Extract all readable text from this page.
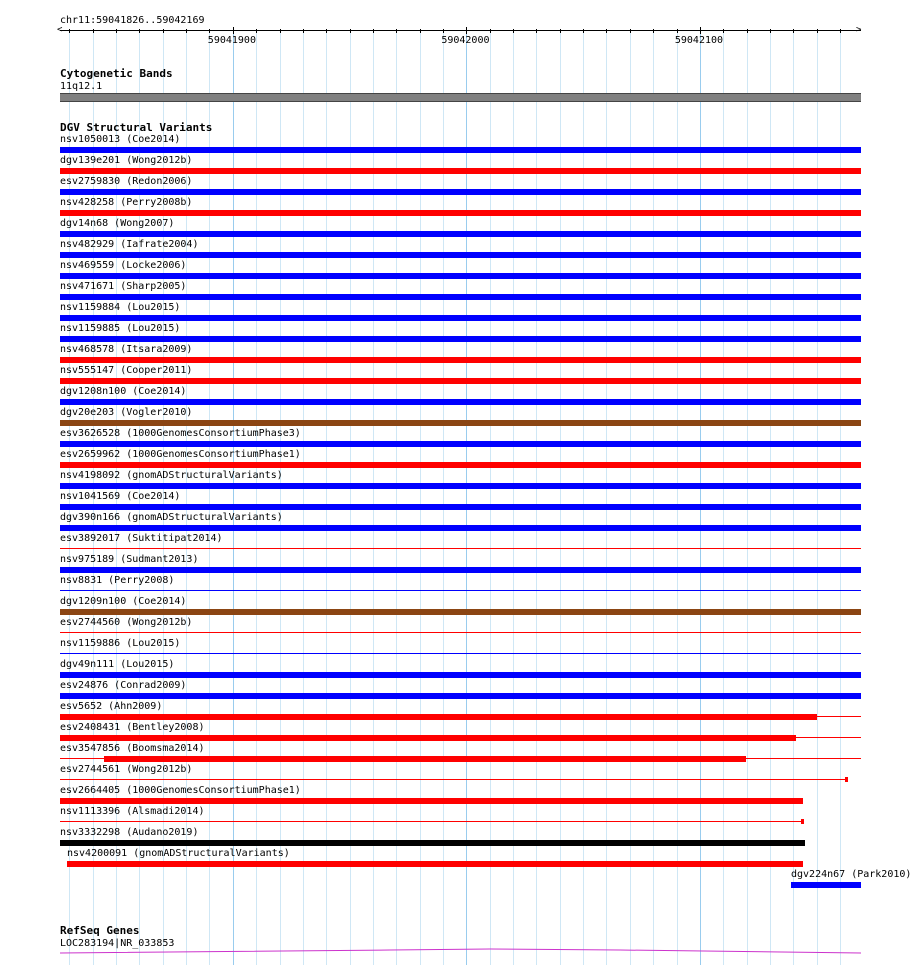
chr11:59041826..59042169
<	>
59041900	59042000	59042100
Cytogenetic Bands
11q12.1
DGV Structural Variants
nsv1050013 (Coe2014)
dgv139e201 (Wong2012b)
esv2759830 (Redon2006)
nsv428258 (Perry2008b)
dgv14n68 (Wong2007)
nsv482929 (Iafrate2004)
nsv469559 (Locke2006)
nsv471671 (Sharp2005)
nsv1159884 (Lou2015)
nsv1159885 (Lou2015)
nsv468578 (Itsara2009)
nsv555147 (Cooper2011)
dgv1208n100 (Coe2014)
dgv20e203 (Vogler2010)
esv3626528 (1000GenomesConsortiumPhase3)
esv2659962 (1000GenomesConsortiumPhase1)
nsv4198092 (gnomADStructuralVariants)
nsv1041569 (Coe2014)
dgv390n166 (gnomADStructuralVariants)
esv3892017 (Suktitipat2014)
nsv975189 (Sudmant2013)
nsv8831 (Perry2008)
dgv1209n100 (Coe2014)
esv2744560 (Wong2012b)
nsv1159886 (Lou2015)
dgv49n111 (Lou2015)
esv24876 (Conrad2009)
esv5652 (Ahn2009)
esv2408431 (Bentley2008)
esv3547856 (Boomsma2014)
esv2744561 (Wong2012b)
esv2664405 (1000GenomesConsortiumPhase1)
nsv1113396 (Alsmadi2014)
nsv3332298 (Audano2019)
nsv4200091 (gnomADStructuralVariants)
dgv224n67 (Park2010)
RefSeq Genes
LOC283194|NR_033853
